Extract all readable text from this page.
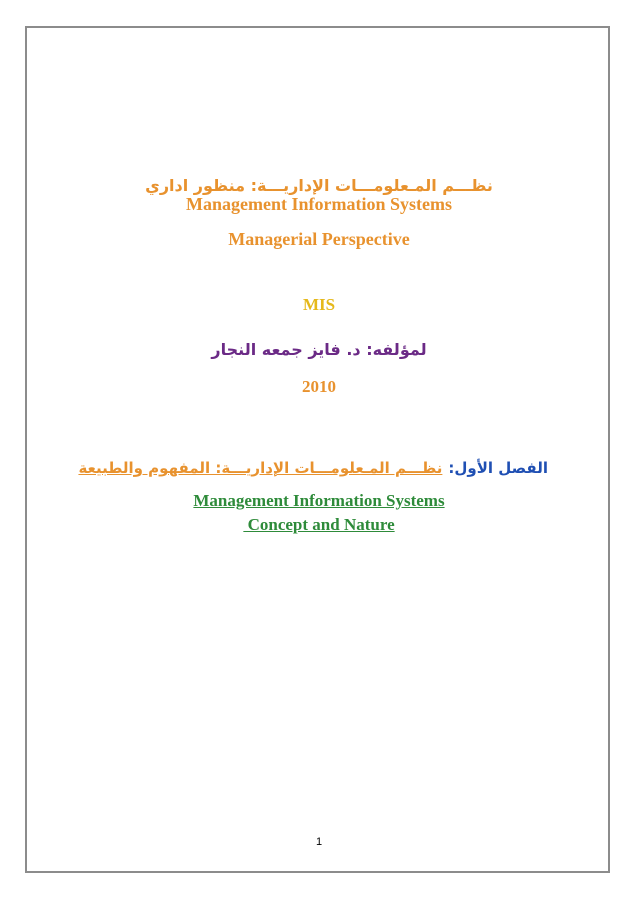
نظـــم المـعلومـــات الإداريـــة: منظور اداري
Management Information Systems
Managerial Perspective
MIS
لمؤلفه: د. فايز جمعه النجار
2010
الفصل الأول:نظـــم المـعلومـــات الإداريـــة: المفهوم والطبيعة
Management Information Systems
Concept and Nature
1
